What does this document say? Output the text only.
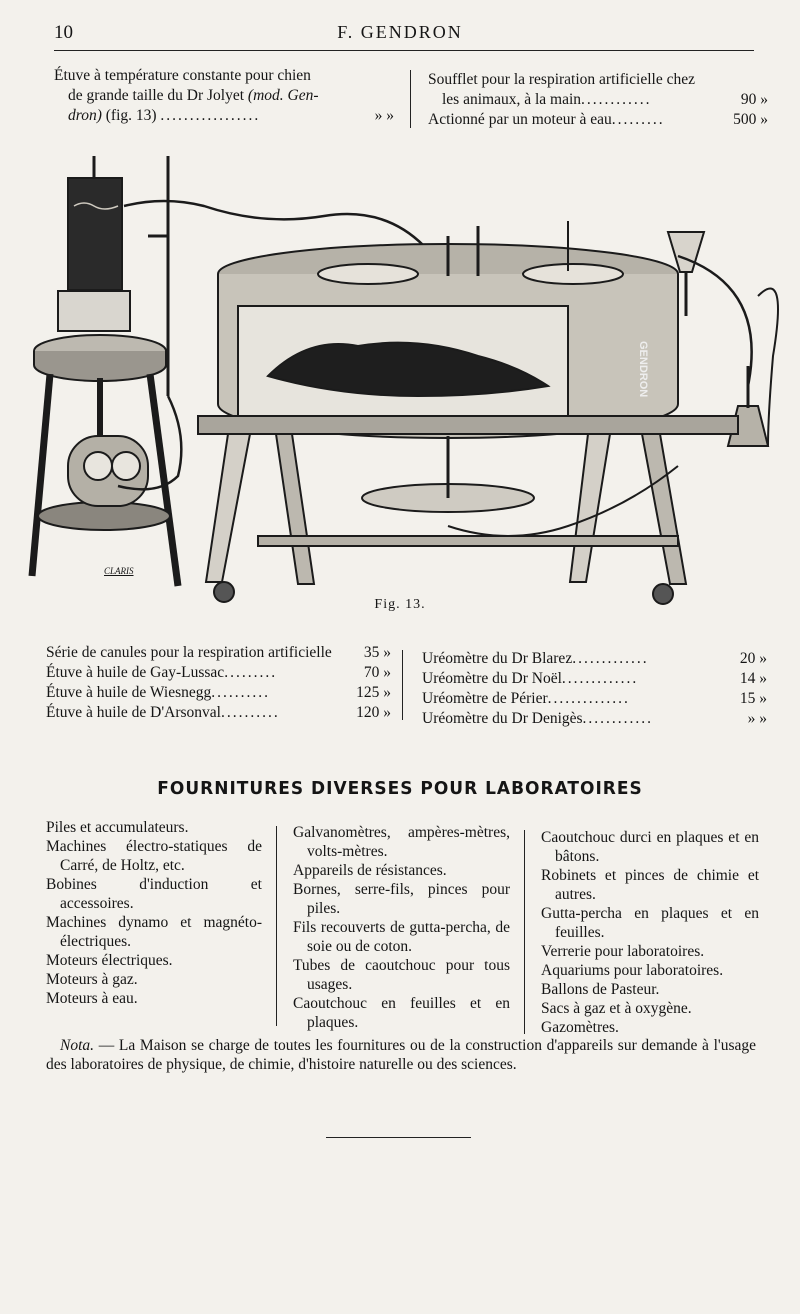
10	F. GENDRON
Étuve à température constante pour chien
de grande taille du Dr Jolyet (mod. Gen-
dron) (fig. 13) .................	» »
Soufflet pour la respiration artificielle chez
les animaux, à la main............	90 »
Actionné par un moteur à eau.........	500 »
GENDRON
CLARIS
Fig. 13.
Série de canules pour la respiration artificielle 35 »
Étuve à huile de Gay-Lussac.........	70 »
Étuve à huile de Wiesnegg..........	125 »
Étuve à huile de D'Arsonval..........	120 »
Uréomètre du Dr Blarez.............	20 »
Uréomètre du Dr Noël.............	14 »
Uréomètre de Périer..............	15 »
Uréomètre du Dr Denigès............	» »
FOURNITURES DIVERSES POUR LABORATOIRES

Piles et accumulateurs.

Machines électro-statiques de Carré, de Holtz, etc.

Bobines d'induction et accessoires.

Machines dynamo et magnéto-électriques.

Moteurs électriques.

Moteurs à gaz.

Moteurs à eau.

Galvanomètres, ampères-mètres, volts-mètres.

Appareils de résistances.

Bornes, serre-fils, pinces pour piles.

Fils recouverts de gutta-percha, de soie ou de coton.

Tubes de caoutchouc pour tous usages.

Caoutchouc en feuilles et en plaques.

Caoutchouc durci en plaques et en bâtons.

Robinets et pinces de chimie et autres.

Gutta-percha en plaques et en feuilles.

Verrerie pour laboratoires.

Aquariums pour laboratoires.

Ballons de Pasteur.

Sacs à gaz et à oxygène.

Gazomètres.

Nota. — La Maison se charge de toutes les fournitures ou de la construction d'appareils sur demande à l'usage des laboratoires de physique, de chimie, d'histoire naturelle ou des sciences.
